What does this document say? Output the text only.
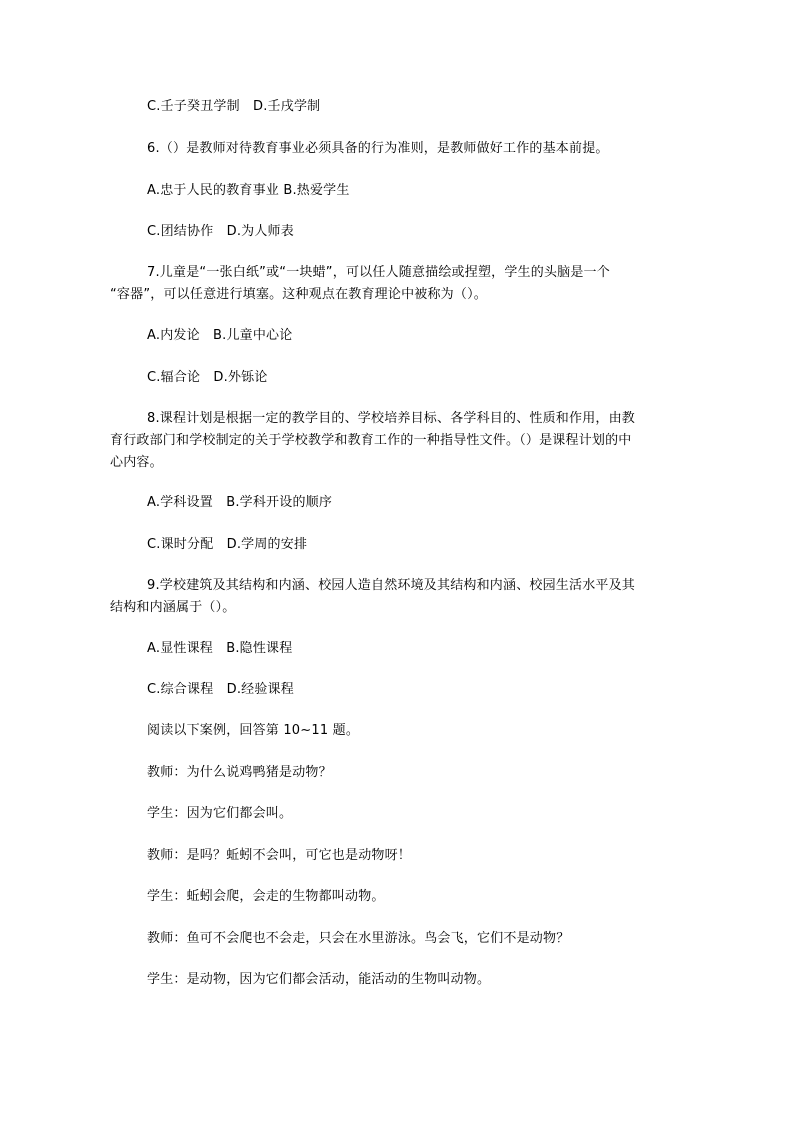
C.壬子癸丑学制　D.壬戌学制
6.（）是教师对待教育事业必须具备的行为准则，是教师做好工作的基本前提。
A.忠于人民的教育事业 B.热爱学生
C.团结协作　D.为人师表
7.儿童是“一张白纸”或“一块蜡”，可以任人随意描绘或捏塑，学生的头脑是一个
“容器”，可以任意进行填塞。这种观点在教育理论中被称为（）。
A.内发论　B.儿童中心论
C.辐合论　D.外铄论
8.课程计划是根据一定的教学目的、学校培养目标、各学科目的、性质和作用，由教
育行政部门和学校制定的关于学校教学和教育工作的一种指导性文件。（）是课程计划的中
心内容。
A.学科设置　B.学科开设的顺序
C.课时分配　D.学周的安排
9.学校建筑及其结构和内涵、校园人造自然环境及其结构和内涵、校园生活水平及其
结构和内涵属于（）。
A.显性课程　B.隐性课程
C.综合课程　D.经验课程
阅读以下案例，回答第 10~11 题。
教师：为什么说鸡鸭猪是动物？
学生：因为它们都会叫。
教师：是吗？蚯蚓不会叫，可它也是动物呀！
学生：蚯蚓会爬，会走的生物都叫动物。
教师：鱼可不会爬也不会走，只会在水里游泳。鸟会飞，它们不是动物？
学生：是动物，因为它们都会活动，能活动的生物叫动物。
